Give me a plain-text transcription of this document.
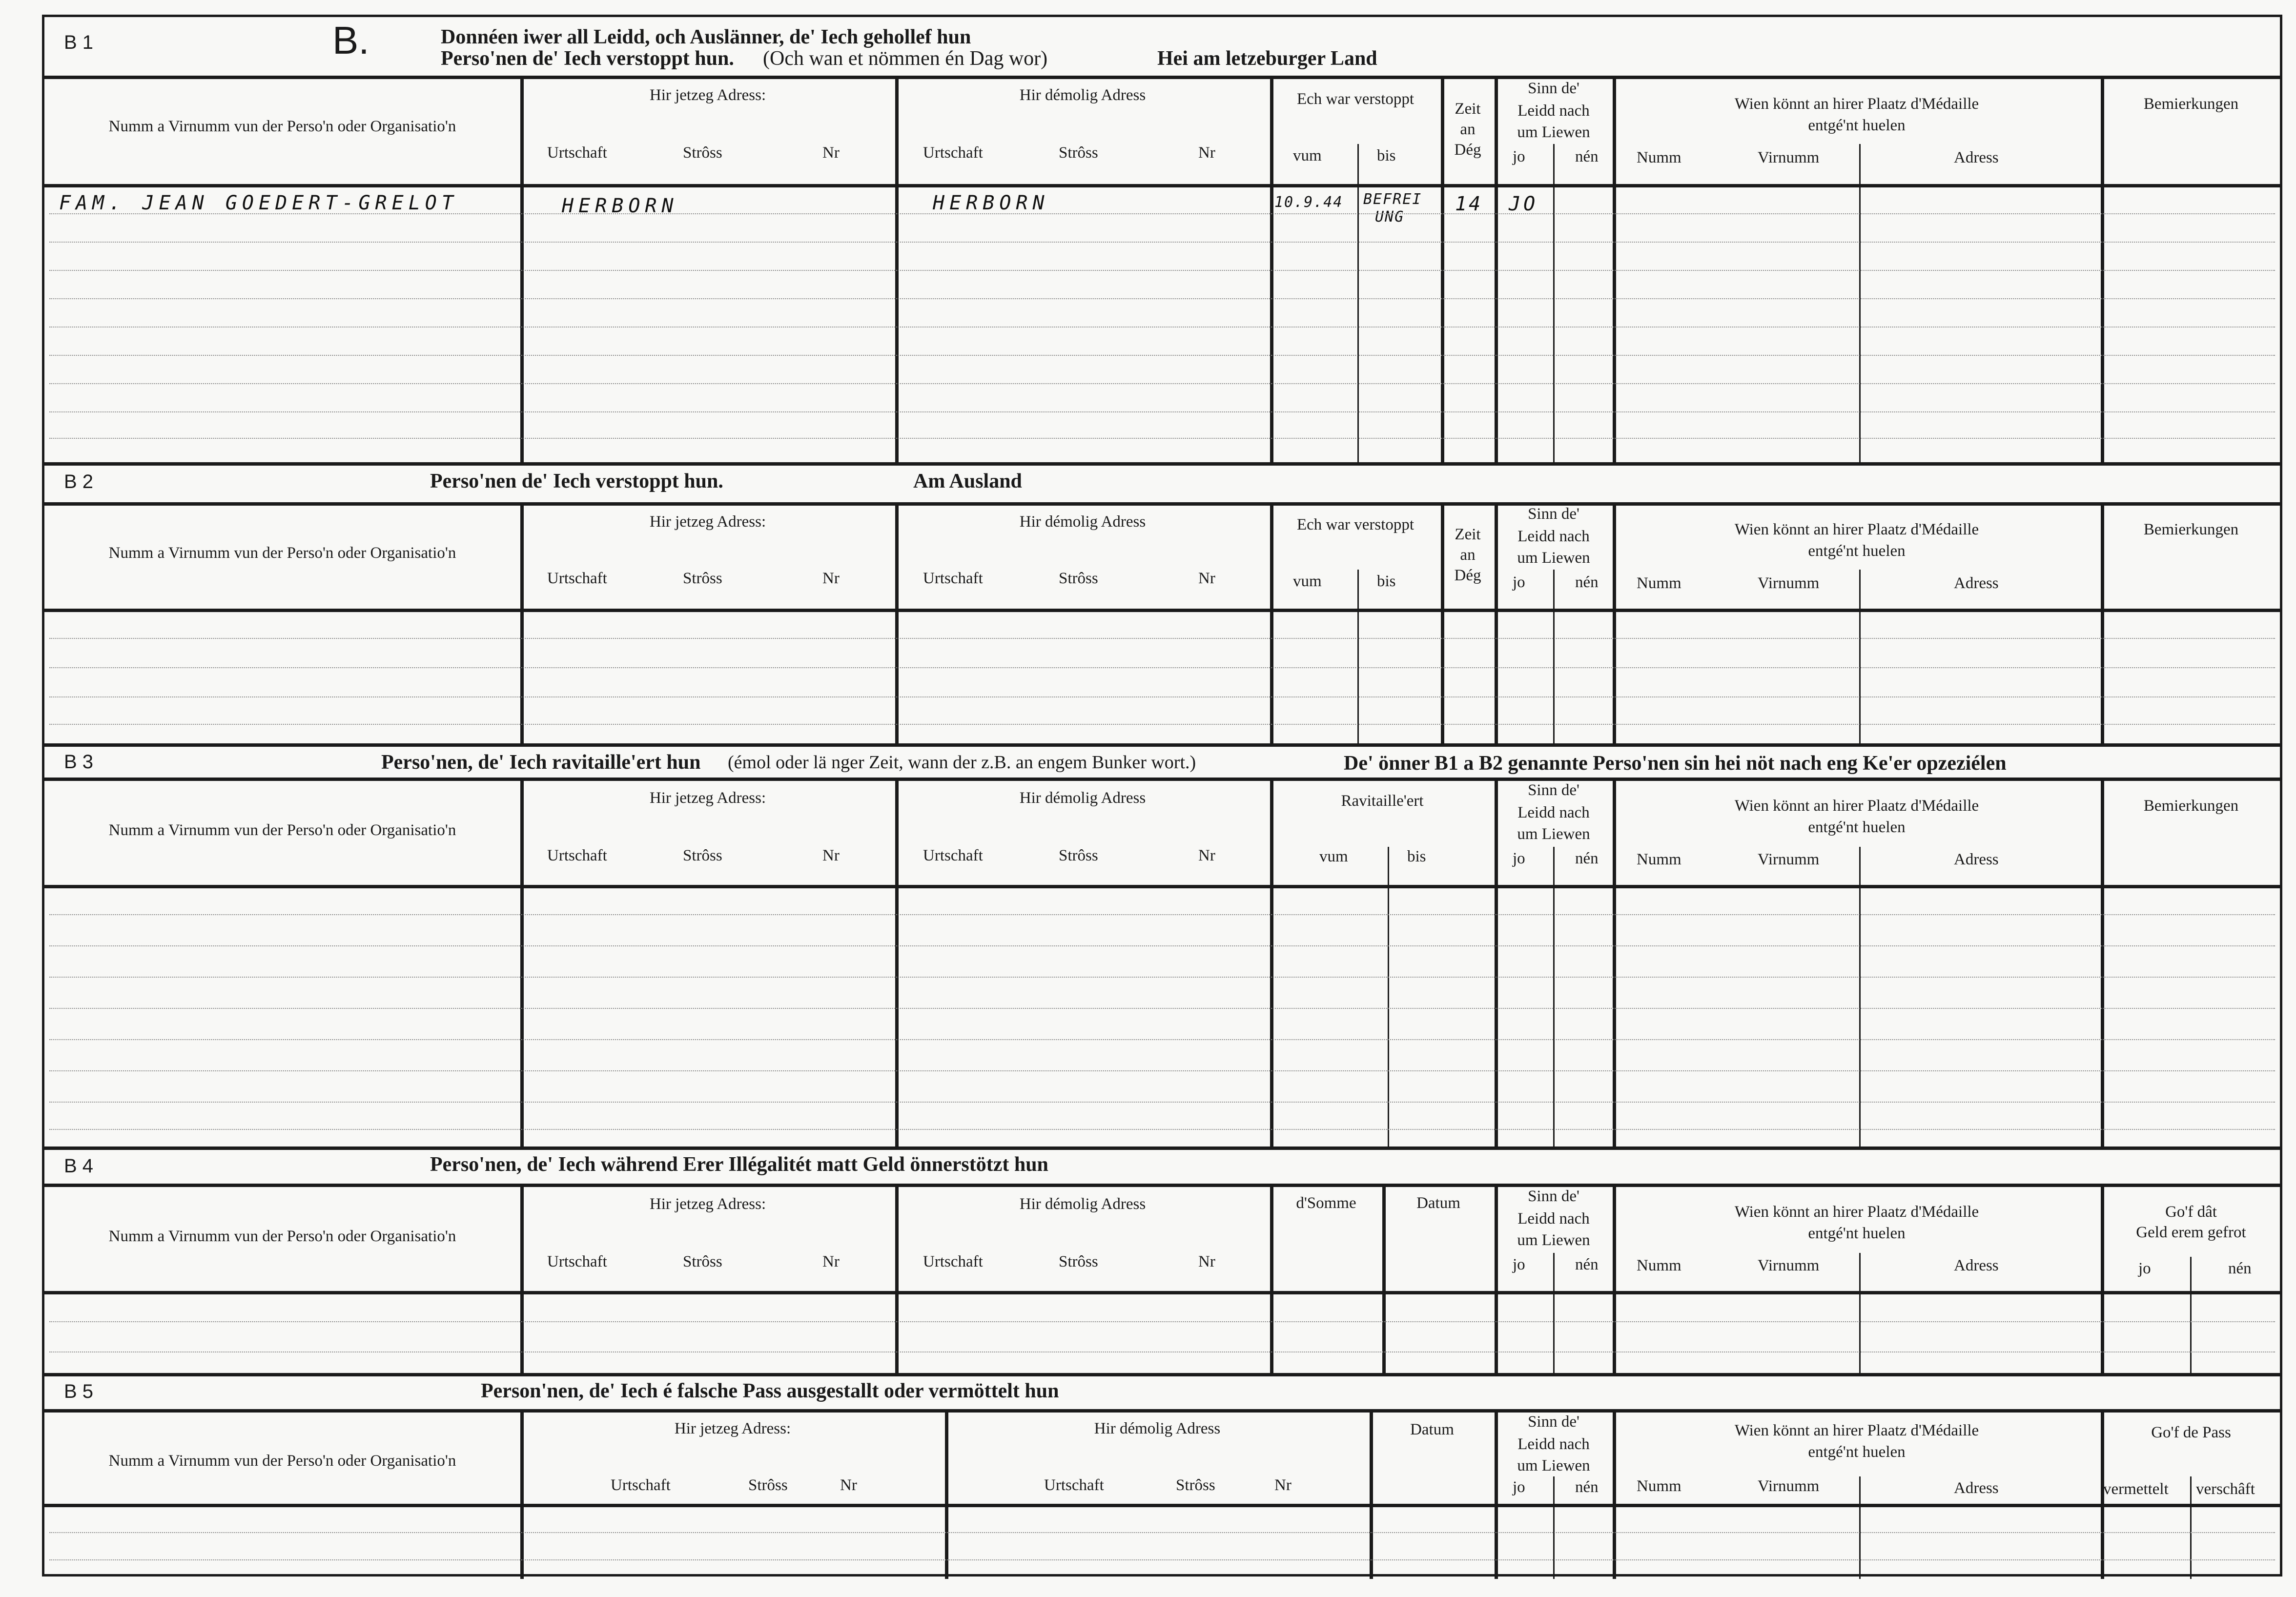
B 1	B.	Donnéen iwer all Leidd, och Auslänner, de' Iech gehollef hun
Perso'nen de' Iech verstoppt hun. (Och wan et nömmen én Dag wor)	Hei am letzeburger Land
Numm a Virnumm vun der Perso'n oder Organisatio'n
Hir jetzeg Adress:
Urtschaft	Strôss	Nr
Hir démolig Adress
Urtschaft	Strôss	Nr
Ech war verstoppt
vum	bis
Zeit
an
Dég
Sinn de'
Leidd nach
um Liewen
jo	nén
Wien könnt an hirer Plaatz d'Médaille
entgé'nt huelen
Numm	Virnumm	Adress
Bemierkungen
FAM. JEAN GOEDERT-GRELOT	HERBORN	HERBORN	10.9.44 BEFREI
UNG
14 JO
B 2	Perso'nen de' Iech verstoppt hun.	Am Ausland
Numm a Virnumm vun der Perso'n oder Organisatio'n
Hir jetzeg Adress:
Urtschaft	Strôss	Nr
Hir démolig Adress
Urtschaft	Strôss	Nr
Ech war verstoppt
vum	bis
Zeit
an
Dég
Sinn de'
Leidd nach
um Liewen
jo	nén
Wien könnt an hirer Plaatz d'Médaille
entgé'nt huelen
Numm	Virnumm	Adress
Bemierkungen
B 3	Perso'nen, de' Iech ravitaille'ert hun (émol oder lä nger Zeit, wann der z.B. an engem Bunker wort.)	De' önner B1 a B2 genannte Perso'nen sin hei nöt nach eng Ke'er opzeziélen
Numm a Virnumm vun der Perso'n oder Organisatio'n
Hir jetzeg Adress:
Urtschaft	Strôss	Nr
Hir démolig Adress
Urtschaft	Strôss	Nr
Ravitaille'ert
vum	bis
Sinn de'
Leidd nach
um Liewen
jo	nén
Wien könnt an hirer Plaatz d'Médaille
entgé'nt huelen
Numm	Virnumm	Adress
Bemierkungen
B 4	Perso'nen, de' Iech während Erer Illégalitét matt Geld önnerstötzt hun
Numm a Virnumm vun der Perso'n oder Organisatio'n
Hir jetzeg Adress:
Urtschaft	Strôss	Nr
Hir démolig Adress
Urtschaft	Strôss	Nr
d'Somme	Datum	Sinn de'
Leidd nach
um Liewen
jo	nén
Wien könnt an hirer Plaatz d'Médaille
entgé'nt huelen
Numm	Virnumm	Adress
Go'f dât
Geld erem gefrot
jo	nén
B 5	Person'nen, de' Iech é falsche Pass ausgestallt oder vermöttelt hun
Numm a Virnumm vun der Perso'n oder Organisatio'n
Hir jetzeg Adress:
Urtschaft	Strôss	Nr
Hir démolig Adress
Urtschaft	Strôss	Nr
Datum	Sinn de'
Leidd nach
um Liewen
jo	nén
Wien könnt an hirer Plaatz d'Médaille
entgé'nt huelen
Numm	Virnumm	Adress
Go'f de Pass
vermettelt verschâft
